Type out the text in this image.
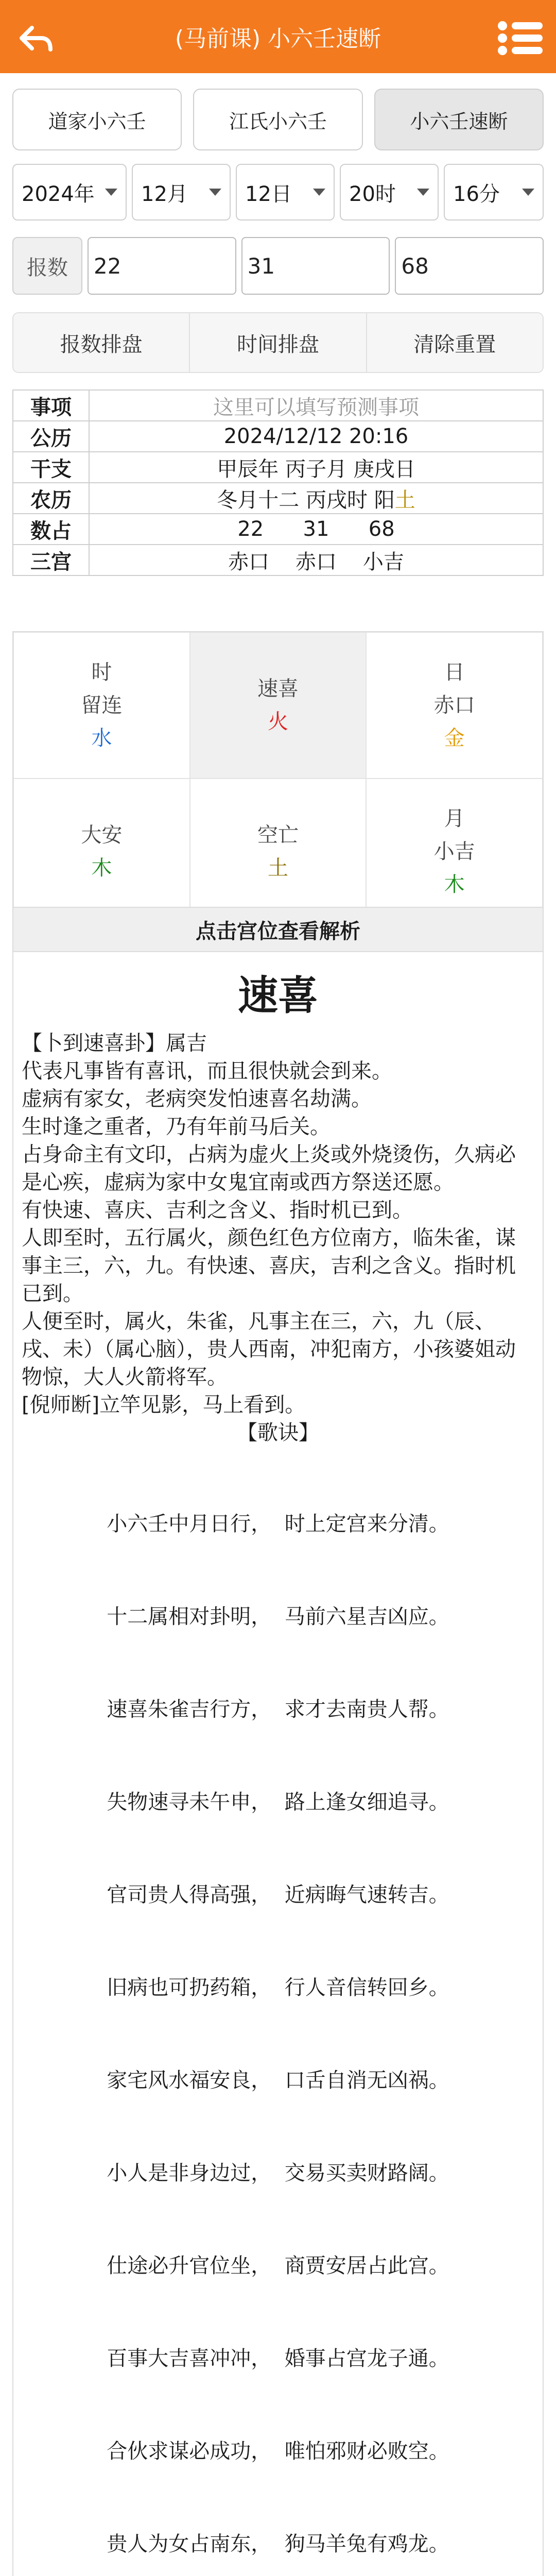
(马前课) 小六壬速断
道家小六壬	江氏小六壬	小六壬速断
2024年 12月	12日	20时	16分
报数	22	31	68
报数排盘	时间排盘	清除重置
事项	这里可以填写预测事项
公历	2024/12/12 20:16
干支	甲辰年 丙子月 庚戌日
农历	冬月十二 丙戌时 阳土
数占	22 31 68
三宫	赤口 赤口 小吉
时
留连
水
速喜
火
日
赤口
金
大安
木
空亡
土
月
小吉
木
点击宫位查看解析
速喜

【卜到速喜卦】属吉

代表凡事皆有喜讯，而且很快就会到来。

虚病有家女，老病突发怕速喜名劫满。

生时逢之重者，乃有年前马后关。

占身命主有文印，占病为虚火上炎或外烧烫伤，久病必是心疾，虚病为家中女鬼宜南或西方祭送还愿。

有快速、喜庆、吉利之含义、指时机已到。

人即至时，五行属火，颜色红色方位南方，临朱雀，谋事主三，六，九。有快速、喜庆，吉利之含义。指时机已到。

人便至时，属火，朱雀，凡事主在三，六，九（辰、戌、未）（属心脑），贵人西南，冲犯南方，小孩婆姐动物惊，大人火箭将军。

[倪师断]立竿见影，马上看到。

【歌诀】

小六壬中月日行，  时上定宫来分清。

十二属相对卦明，  马前六星吉凶应。

速喜朱雀吉行方，  求才去南贵人帮。

失物速寻未午申，  路上逢女细追寻。

官司贵人得高强，  近病晦气速转吉。

旧病也可扔药箱，  行人音信转回乡。

家宅风水福安良，  口舌自消无凶祸。

小人是非身边过，  交易买卖财路阔。

仕途必升官位坐，  商贾安居占此宫。

百事大吉喜冲冲，  婚事占宫龙子通。

合伙求谋必成功，  唯怕邪财必败空。

贵人为女占南东，  狗马羊兔有鸡龙。
